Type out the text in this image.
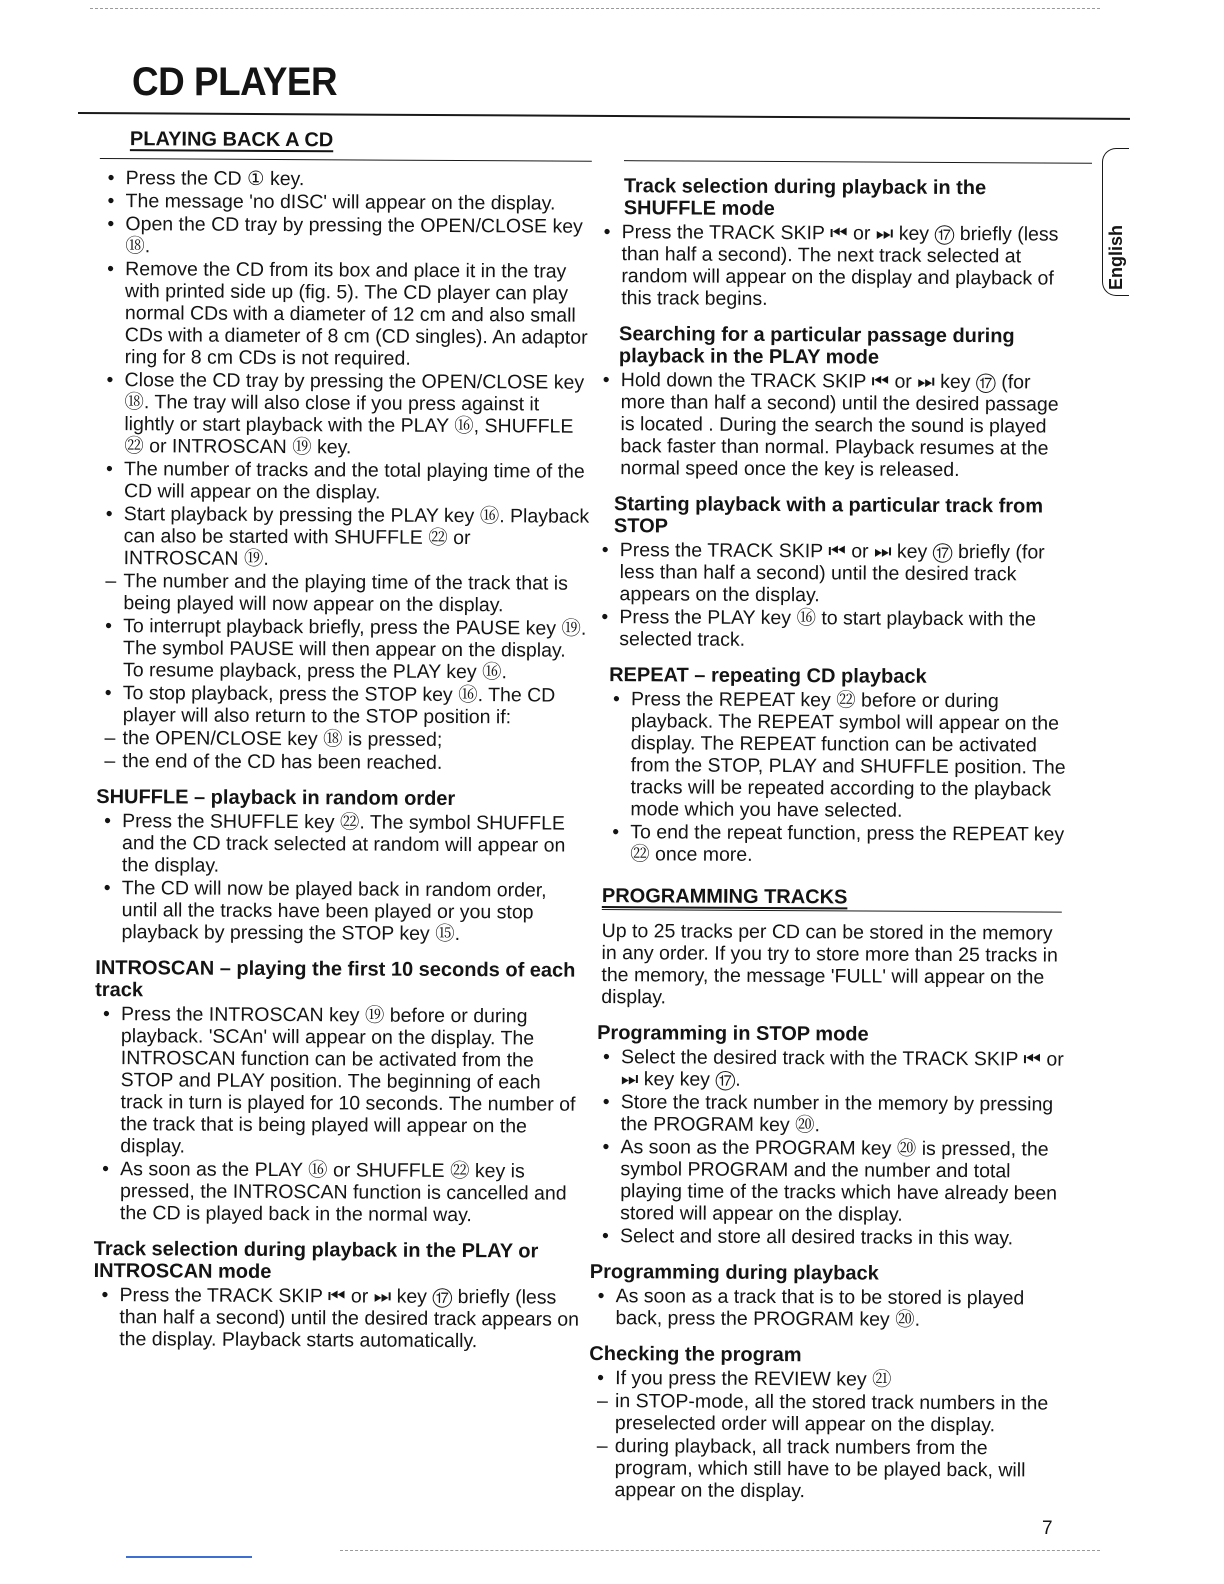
CD PLAYER
PLAYING BACK A CD
• Press the CD ① key.
• The message 'no dISC' will appear on the display.
• Open the CD tray by pressing the OPEN/CLOSE key ⑱.
• Remove the CD from its box and place it in the tray with printed side up (fig. 5). The CD player can play normal CDs with a diameter of 12 cm and also small CDs with a diameter of 8 cm (CD singles). An adaptor ring for 8 cm CDs is not required.
• Close the CD tray by pressing the OPEN/CLOSE key ⑱. The tray will also close if you press against it lightly or start playback with the PLAY ⑯, SHUFFLE ㉒ or INTROSCAN ⑲ key.
• The number of tracks and the total playing time of the CD will appear on the display.
• Start playback by pressing the PLAY key ⑯. Playback can also be started with SHUFFLE ㉒ or INTROSCAN ⑲.
– The number and the playing time of the track that is being played will now appear on the display.
• To interrupt playback briefly, press the PAUSE key ⑲. The symbol PAUSE will then appear on the display. To resume playback, press the PLAY key ⑯.
• To stop playback, press the STOP key ⑯. The CD player will also return to the STOP position if:
– the OPEN/CLOSE key ⑱ is pressed;
– the end of the CD has been reached.
SHUFFLE – playback in random order
• Press the SHUFFLE key ㉒. The symbol SHUFFLE and the CD track selected at random will appear on the display.
• The CD will now be played back in random order, until all the tracks have been played or you stop playback by pressing the STOP key ⑮.
INTROSCAN – playing the first 10 seconds of each track
• Press the INTROSCAN key ⑲ before or during playback. 'SCAn' will appear on the display. The INTROSCAN function can be activated from the STOP and PLAY position. The beginning of each track in turn is played for 10 seconds. The number of the track that is being played will appear on the display.
• As soon as the PLAY ⑯ or SHUFFLE ㉒ key is pressed, the INTROSCAN function is cancelled and the CD is played back in the normal way.
Track selection during playback in the PLAY or INTROSCAN mode
• Press the TRACK SKIP ⏮ or ⏭ key ⑰ briefly (less than half a second) until the desired track appears on the display. Playback starts automatically.
Track selection during playback in the SHUFFLE mode
• Press the TRACK SKIP ⏮ or ⏭ key ⑰ briefly (less than half a second). The next track selected at random will appear on the display and playback of this track begins.
Searching for a particular passage during playback in the PLAY mode
• Hold down the TRACK SKIP ⏮ or ⏭ key ⑰ (for more than half a second) until the desired passage is located . During the search the sound is played back faster than normal. Playback resumes at the normal speed once the key is released.
Starting playback with a particular track from STOP
• Press the TRACK SKIP ⏮ or ⏭ key ⑰ briefly (for less than half a second) until the desired track appears on the display.
• Press the PLAY key ⑯ to start playback with the selected track.
REPEAT – repeating CD playback
• Press the REPEAT key ㉒ before or during playback. The REPEAT symbol will appear on the display. The REPEAT function can be activated from the STOP, PLAY and SHUFFLE position. The tracks will be repeated according to the playback mode which you have selected.
• To end the repeat function, press the REPEAT key ㉒ once more.
PROGRAMMING TRACKS
Up to 25 tracks per CD can be stored in the memory in any order. If you try to store more than 25 tracks in the memory, the message 'FULL' will appear on the display.
Programming in STOP mode
• Select the desired track with the TRACK SKIP ⏮ or ⏭ key key ⑰.
• Store the track number in the memory by pressing the PROGRAM key ⑳.
• As soon as the PROGRAM key ⑳ is pressed, the symbol PROGRAM and the number and total playing time of the tracks which have already been stored will appear on the display.
• Select and store all desired tracks in this way.
Programming during playback
• As soon as a track that is to be stored is played back, press the PROGRAM key ⑳.
Checking the program
• If you press the REVIEW key ㉑
– in STOP-mode, all the stored track numbers in the preselected order will appear on the display.
– during playback, all track numbers from the program, which still have to be played back, will appear on the display.
English
7
